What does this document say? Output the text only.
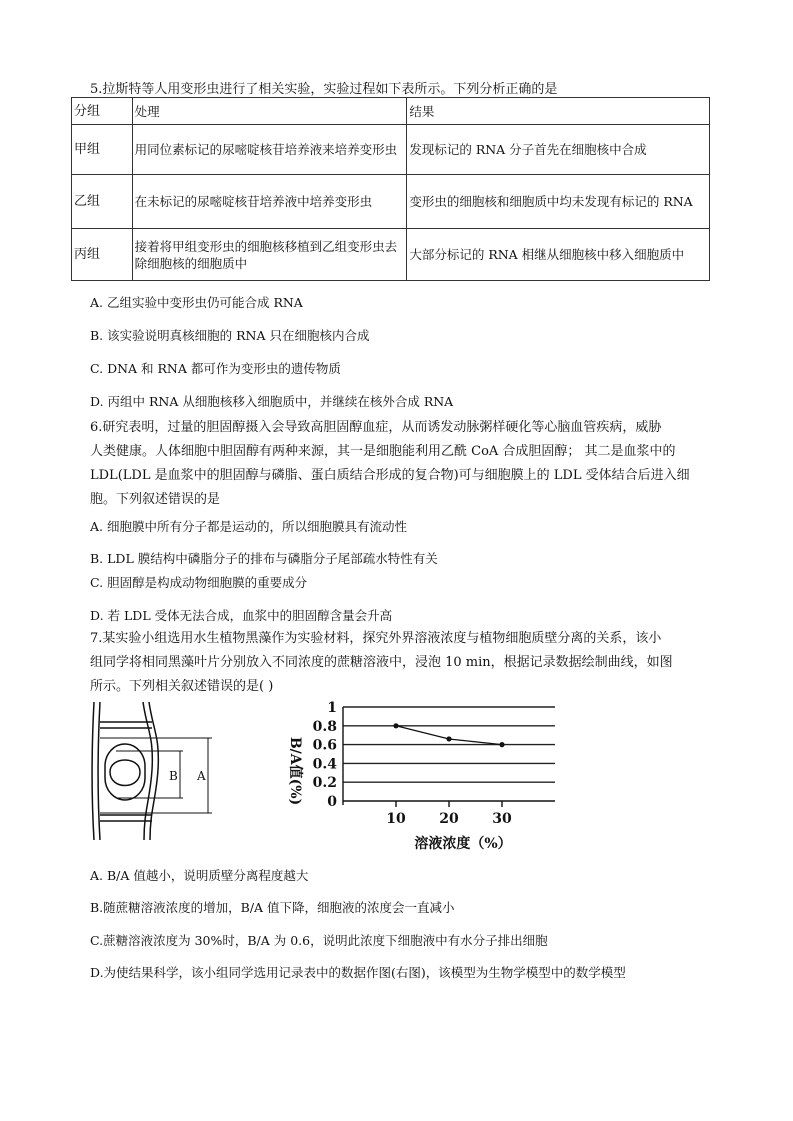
5.拉斯特等人用变形虫进行了相关实验，实验过程如下表所示。下列分析正确的是
分组	处理	结果
甲组	用同位素标记的尿嘧啶核苷培养液来培养变形虫	发现标记的 RNA 分子首先在细胞核中合成
乙组	在未标记的尿嘧啶核苷培养液中培养变形虫	变形虫的细胞核和细胞质中均未发现有标记的 RNA
丙组	接着将甲组变形虫的细胞核移植到乙组变形虫去除细胞核的细胞质中	大部分标记的 RNA 相继从细胞核中移入细胞质中
A. 乙组实验中变形虫仍可能合成 RNA
B. 该实验说明真核细胞的 RNA 只在细胞核内合成
C. DNA 和 RNA 都可作为变形虫的遗传物质
D. 丙组中 RNA 从细胞核移入细胞质中，并继续在核外合成 RNA
6.研究表明，过量的胆固醇摄入会导致高胆固醇血症，从而诱发动脉粥样硬化等心脑血管疾病，威胁
人类健康。人体细胞中胆固醇有两种来源，其一是细胞能利用乙酰 CoA 合成胆固醇； 其二是血浆中的
LDL(LDL 是血浆中的胆固醇与磷脂、蛋白质结合形成的复合物)可与细胞膜上的 LDL 受体结合后进入细
胞。下列叙述错误的是
A. 细胞膜中所有分子都是运动的，所以细胞膜具有流动性
B. LDL 膜结构中磷脂分子的排布与磷脂分子尾部疏水特性有关
C. 胆固醇是构成动物细胞膜的重要成分
D. 若 LDL 受体无法合成，血浆中的胆固醇含量会升高
7.某实验小组选用水生植物黑藻作为实验材料，探究外界溶液浓度与植物细胞质壁分离的关系，该小
组同学将相同黑藻叶片分别放入不同浓度的蔗糖溶液中，浸泡 10 min，根据记录数据绘制曲线，如图
所示。下列相关叙述错误的是( )
B A
0
0.2
0.4
0.6
0.8
1
10 20 30
B/A值(%)
溶液浓度（%）
A. B/A 值越小，说明质壁分离程度越大
B.随蔗糖溶液浓度的增加，B/A 值下降，细胞液的浓度会一直减小
C.蔗糖溶液浓度为 30%时，B/A 为 0.6，说明此浓度下细胞液中有水分子排出细胞
D.为使结果科学，该小组同学选用记录表中的数据作图(右图)，该模型为生物学模型中的数学模型
